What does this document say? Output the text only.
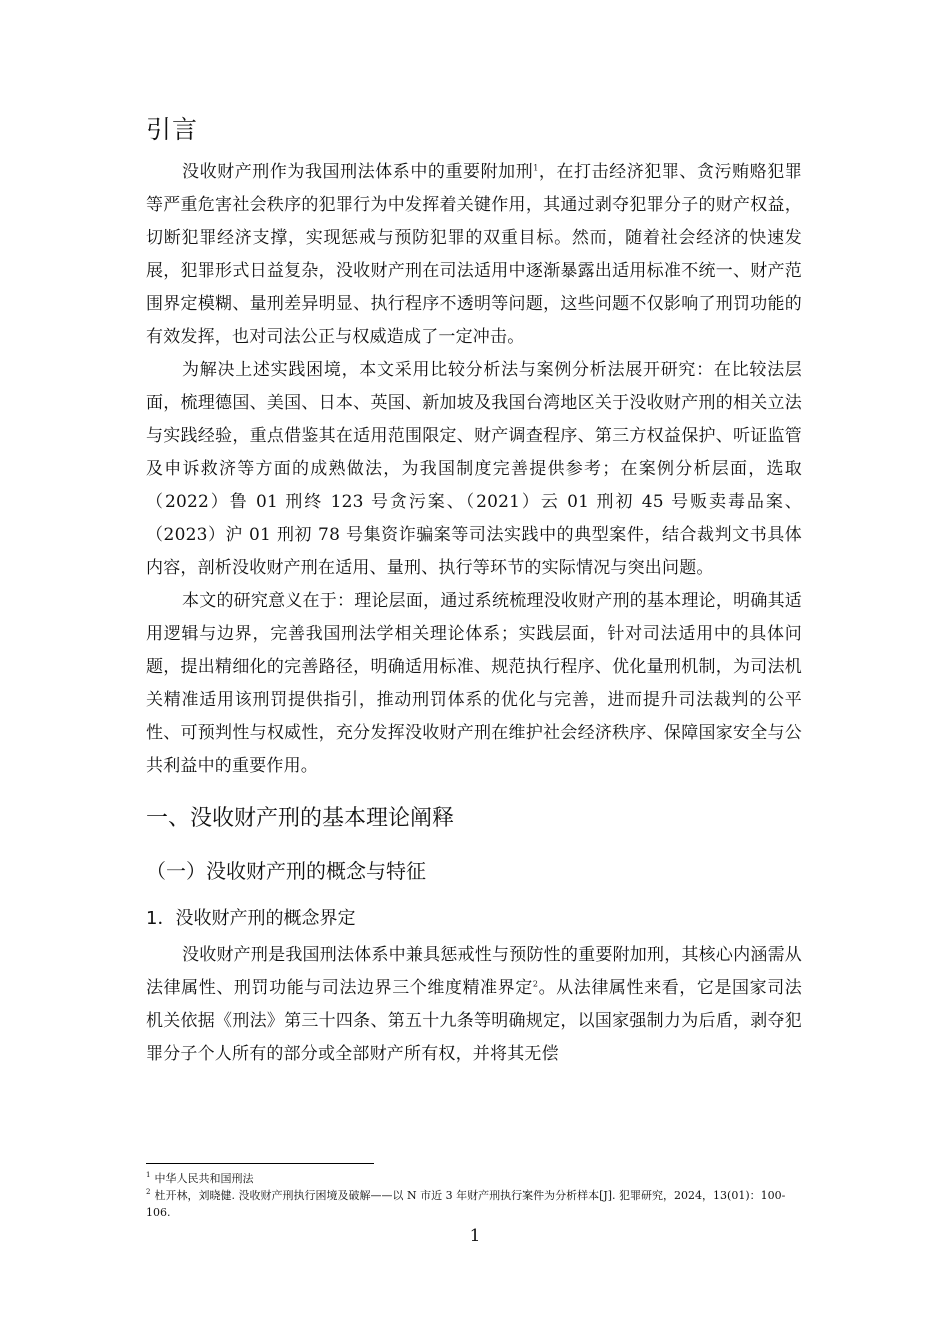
引言

没收财产刑作为我国刑法体系中的重要附加刑$^1$，在打击经济犯罪、贪污贿赂犯罪等严重危害社会秩序的犯罪行为中发挥着关键作用，其通过剥夺犯罪分子的财产权益，切断犯罪经济支撑，实现惩戒与预防犯罪的双重目标。然而，随着社会经济的快速发展，犯罪形式日益复杂，没收财产刑在司法适用中逐渐暴露出适用标准不统一、财产范围界定模糊、量刑差异明显、执行程序不透明等问题，这些问题不仅影响了刑罚功能的有效发挥，也对司法公正与权威造成了一定冲击。

为解决上述实践困境，本文采用比较分析法与案例分析法展开研究：在比较法层面，梳理德国、美国、日本、英国、新加坡及我国台湾地区关于没收财产刑的相关立法与实践经验，重点借鉴其在适用范围限定、财产调查程序、第三方权益保护、听证监管及申诉救济等方面的成熟做法，为我国制度完善提供参考；在案例分析层面，选取（2022）鲁 01 刑终 123 号贪污案、（2021）云 01 刑初 45 号贩卖毒品案、（2023）沪 01 刑初 78 号集资诈骗案等司法实践中的典型案件，结合裁判文书具体内容，剖析没收财产刑在适用、量刑、执行等环节的实际情况与突出问题。

本文的研究意义在于：理论层面，通过系统梳理没收财产刑的基本理论，明确其适用逻辑与边界，完善我国刑法学相关理论体系；实践层面，针对司法适用中的具体问题，提出精细化的完善路径，明确适用标准、规范执行程序、优化量刑机制，为司法机关精准适用该刑罚提供指引，推动刑罚体系的优化与完善，进而提升司法裁判的公平性、可预判性与权威性，充分发挥没收财产刑在维护社会经济秩序、保障国家安全与公共利益中的重要作用。

一、没收财产刑的基本理论阐释
（一）没收财产刑的概念与特征
1．没收财产刑的概念界定

没收财产刑是我国刑法体系中兼具惩戒性与预防性的重要附加刑，其核心内涵需从法律属性、刑罚功能与司法边界三个维度精准界定$^2$。从法律属性来看，它是国家司法机关依据《刑法》第三十四条、第五十九条等明确规定，以国家强制力为后盾，剥夺犯罪分子个人所有的部分或全部财产所有权，并将其无偿

$^1$ 中华人民共和国刑法

$^2$ 杜开林，刘晓健. 没收财产刑执行困境及破解——以 N 市近 3 年财产刑执行案件为分析样本[J]. 犯罪研究，2024，13(01)：100-106.

1
